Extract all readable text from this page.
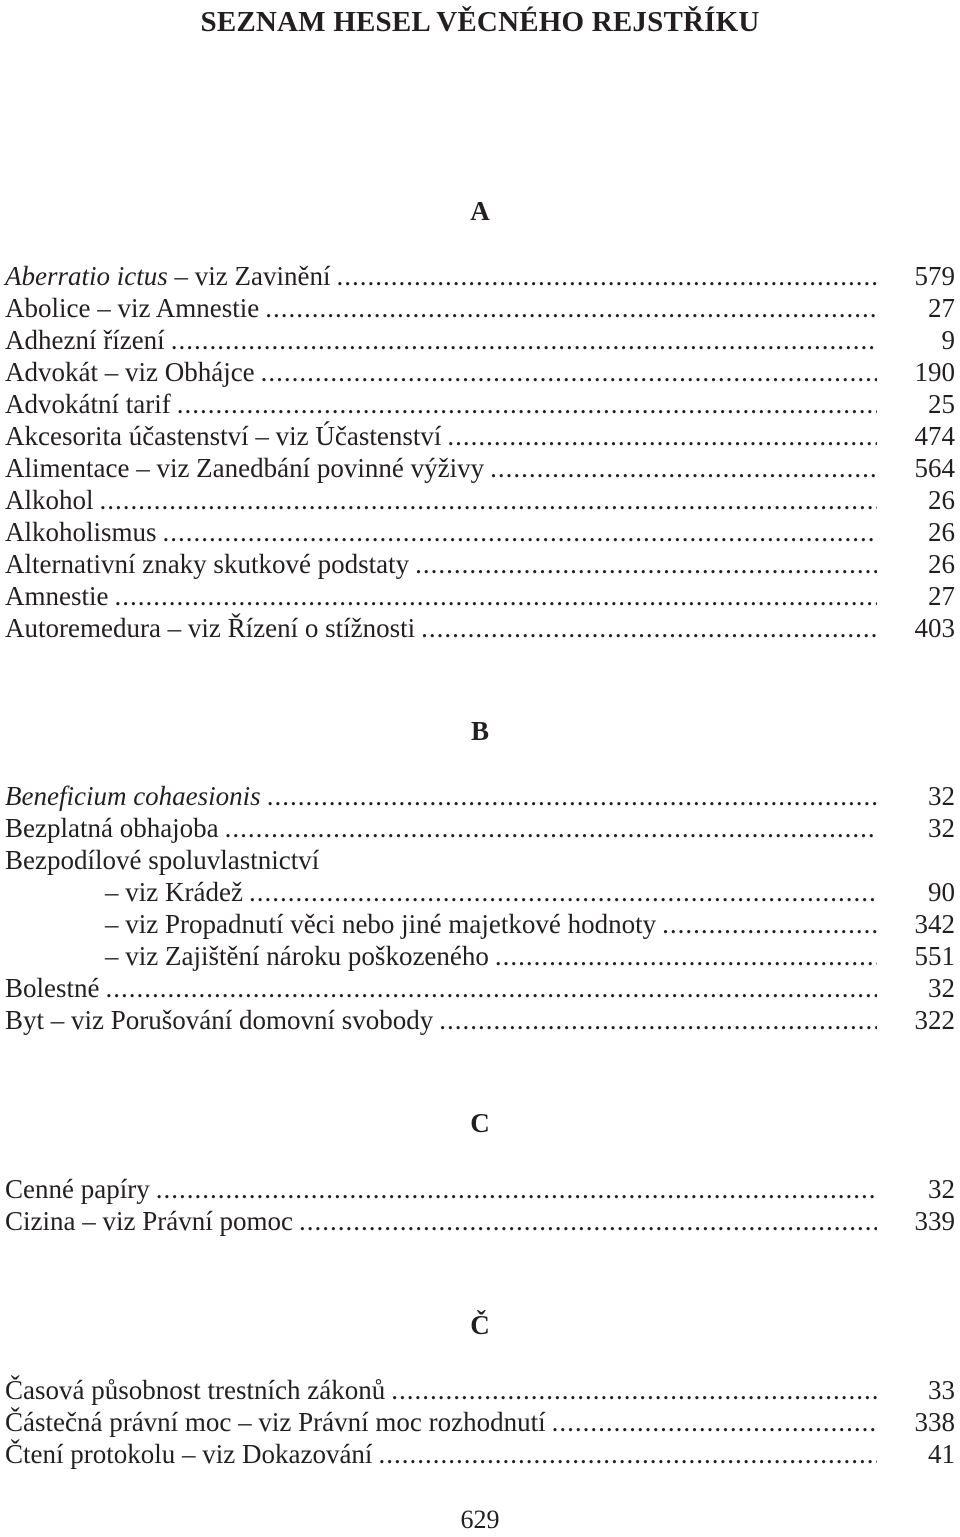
SEZNAM HESEL VĚCNÉHO REJSTŘÍKU
A
Aberratio ictus – viz Zavinění .....	579
Abolice – viz Amnestie .....	27
Adhezní řízení .....	9
Advokát – viz Obhájce .....	190
Advokátní tarif .....	25
Akcesorita účastenství – viz Účastenství .....	474
Alimentace – viz Zanedbání povinné výživy .....	564
Alkohol .....	26
Alkoholismus .....	26
Alternativní znaky skutkové podstaty .....	26
Amnestie .....	27
Autoremedura – viz Řízení o stížnosti .....	403
B
Beneficium cohaesionis .....	32
Bezplatná obhajoba .....	32
Bezpodílové spoluvlastnictví
– viz Krádež .....	90
– viz Propadnutí věci nebo jiné majetkové hodnoty .....	342
– viz Zajištění nároku poškozeného .....	551
Bolestné .....	32
Byt – viz Porušování domovní svobody .....	322
C
Cenné papíry .....	32
Cizina – viz Právní pomoc .....	339
Č
Časová působnost trestních zákonů .....	33
Částečná právní moc – viz Právní moc rozhodnutí .....	338
Čtení protokolu – viz Dokazování .....	41
629
